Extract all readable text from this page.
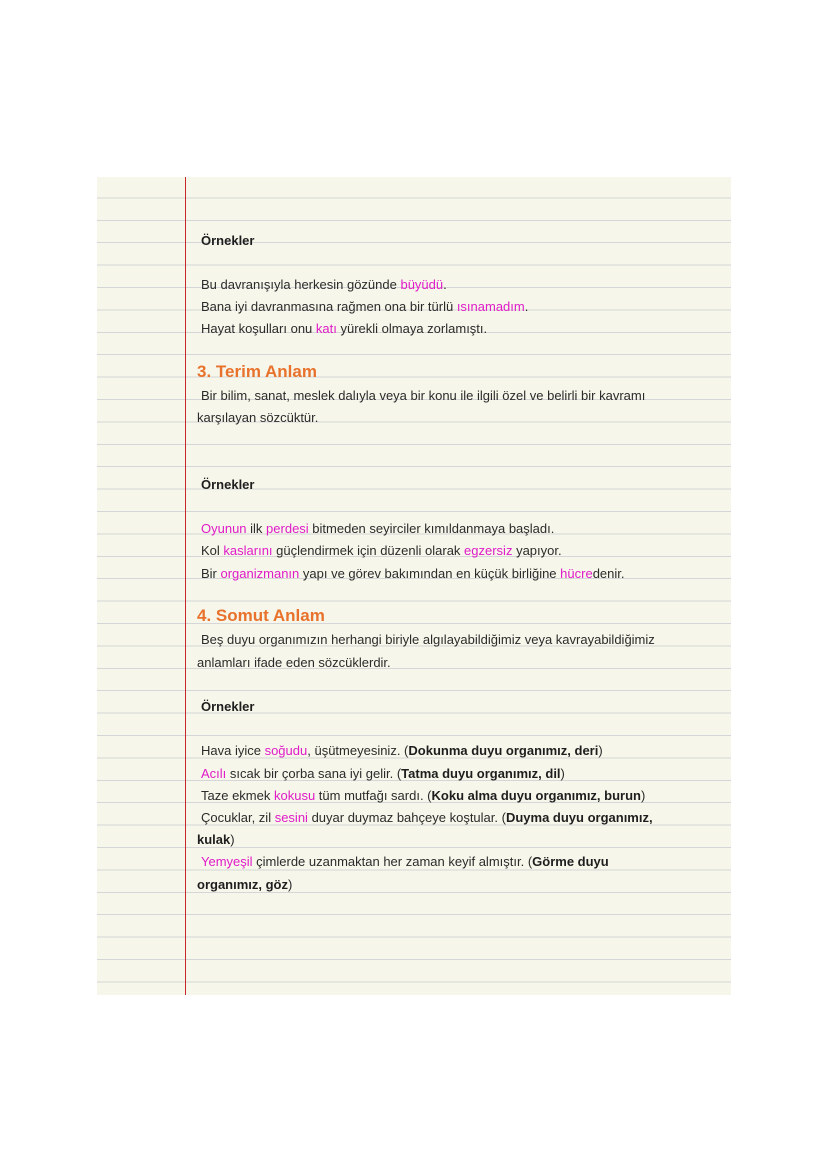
Örnekler
Bu davranışıyla herkesin gözünde büyüdü.
Bana iyi davranmasına rağmen ona bir türlü ısınamadım.
Hayat koşulları onu katı yürekli olmaya zorlamıştı.
3. Terim Anlam
Bir bilim, sanat, meslek dalıyla veya bir konu ile ilgili özel ve belirli bir kavramı
karşılayan sözcüktür.
Örnekler
Oyunun ilk perdesi bitmeden seyirciler kımıldanmaya başladı.
Kol kaslarını güçlendirmek için düzenli olarak egzersiz yapıyor.
Bir organizmanın yapı ve görev bakımından en küçük birliğine hücredenir.
4. Somut Anlam
Beş duyu organımızın herhangi biriyle algılayabildiğimiz veya kavrayabildiğimiz
anlamları ifade eden sözcüklerdir.
Örnekler
Hava iyice soğudu, üşütmeyesiniz. (Dokunma duyu organımız, deri)
Acılı sıcak bir çorba sana iyi gelir. (Tatma duyu organımız, dil)
Taze ekmek kokusu tüm mutfağı sardı. (Koku alma duyu organımız, burun)
Çocuklar, zil sesini duyar duymaz bahçeye koştular. (Duyma duyu organımız,
kulak)
Yemyeşil çimlerde uzanmaktan her zaman keyif almıştır. (Görme duyu
organımız, göz)
